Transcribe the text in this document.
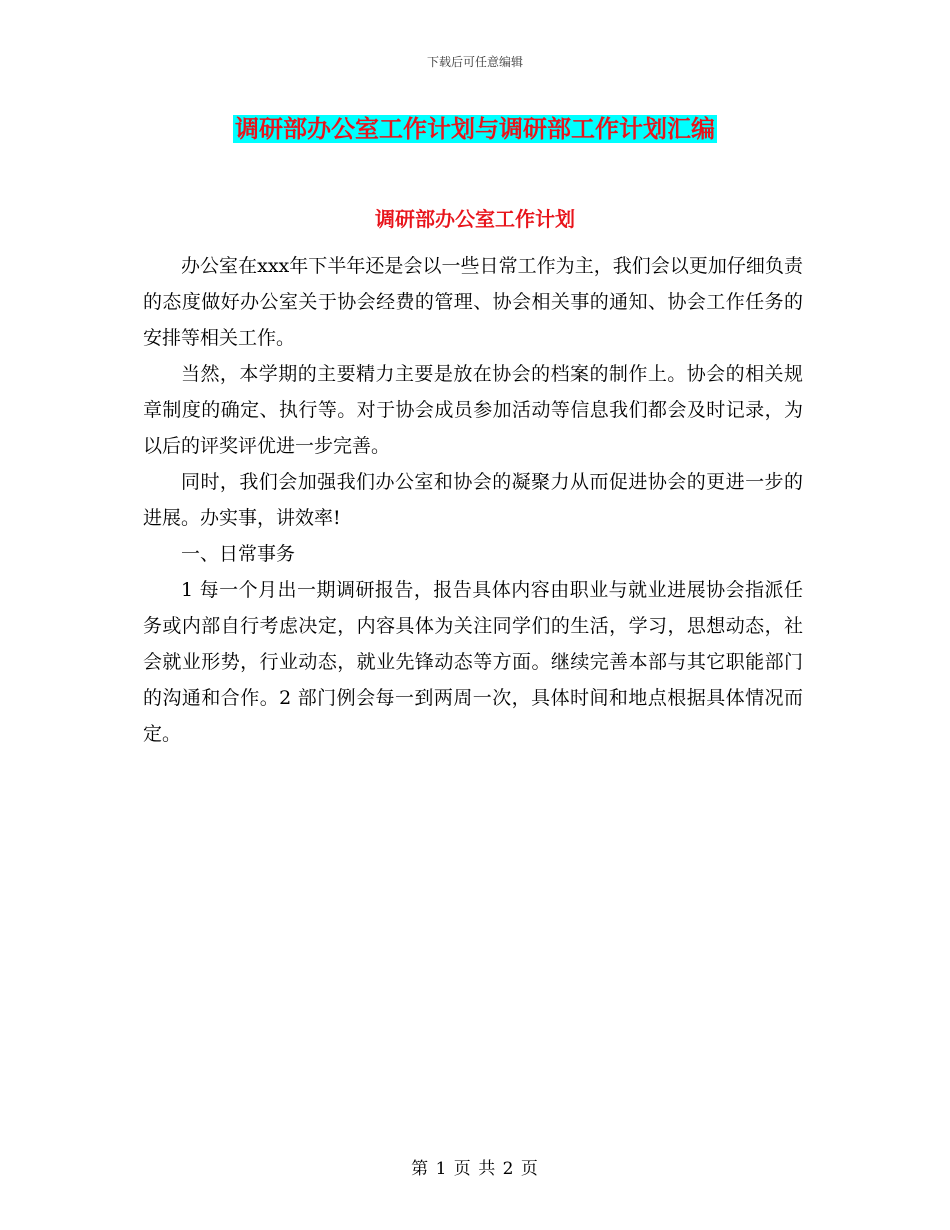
下载后可任意编辑
调研部办公室工作计划与调研部工作计划汇编
调研部办公室工作计划

办公室在xxx年下半年还是会以一些日常工作为主，我们会以更加仔细负责的态度做好办公室关于协会经费的管理、协会相关事的通知、协会工作任务的安排等相关工作。

当然，本学期的主要精力主要是放在协会的档案的制作上。协会的相关规章制度的确定、执行等。对于协会成员参加活动等信息我们都会及时记录，为以后的评奖评优进一步完善。

同时，我们会加强我们办公室和协会的凝聚力从而促进协会的更进一步的进展。办实事，讲效率!

一、日常事务

1 每一个月出一期调研报告，报告具体内容由职业与就业进展协会指派任务或内部自行考虑决定，内容具体为关注同学们的生活，学习，思想动态，社会就业形势，行业动态，就业先锋动态等方面。继续完善本部与其它职能部门的沟通和合作。2 部门例会每一到两周一次，具体时间和地点根据具体情况而定。

第 1 页 共 2 页
